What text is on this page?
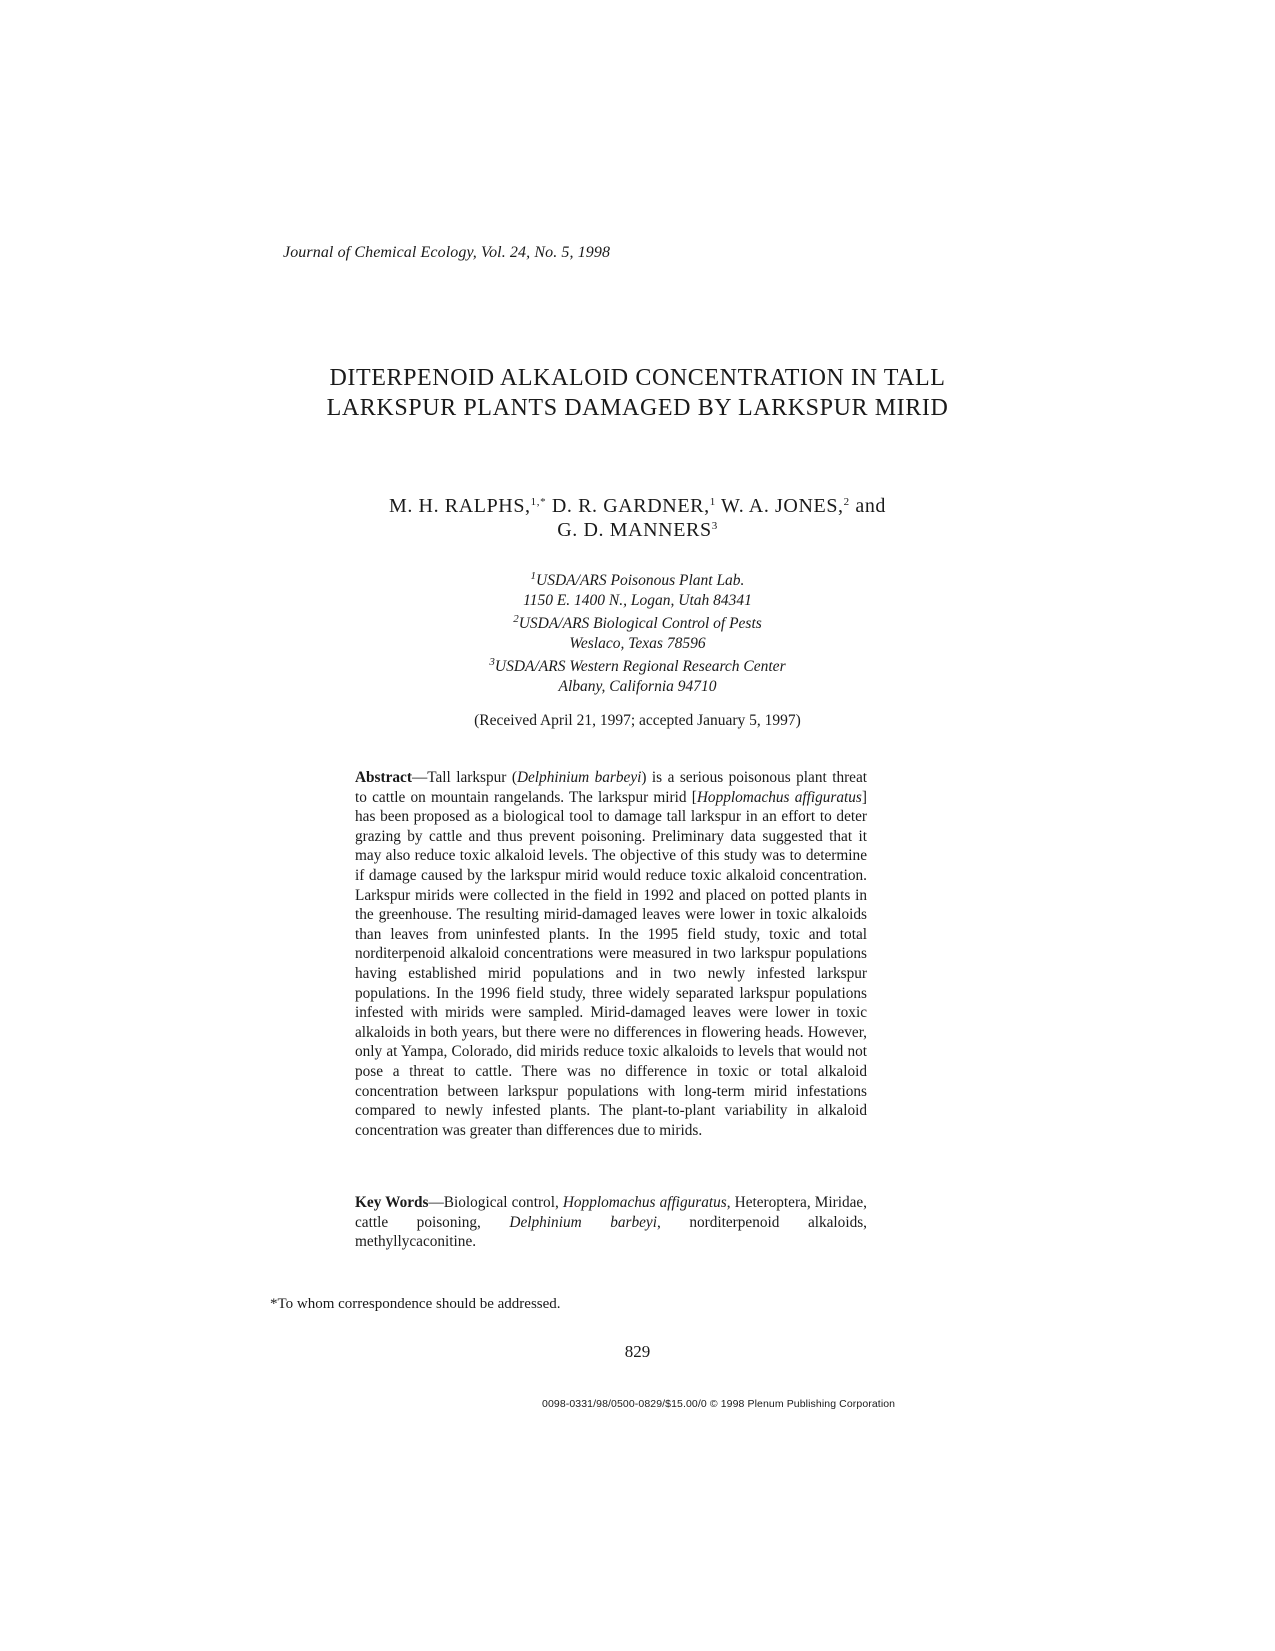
Journal of Chemical Ecology, Vol. 24, No. 5, 1998
DITERPENOID ALKALOID CONCENTRATION IN TALL
LARKSPUR PLANTS DAMAGED BY LARKSPUR MIRID
M. H. RALPHS,$^{1,*}$ D. R. GARDNER,$^1$ W. A. JONES,$^2$ and
G. D. MANNERS$^3$
$^1$USDA/ARS Poisonous Plant Lab.
1150 E. 1400 N., Logan, Utah 84341
$^2$USDA/ARS Biological Control of Pests
Weslaco, Texas 78596
$^3$USDA/ARS Western Regional Research Center
Albany, California 94710
(Received April 21, 1997; accepted January 5, 1997)
Abstract—Tall larkspur (Delphinium barbeyi) is a serious poisonous plant threat to cattle on mountain rangelands. The larkspur mirid [Hopplomachus affiguratus] has been proposed as a biological tool to damage tall larkspur in an effort to deter grazing by cattle and thus prevent poisoning. Preliminary data suggested that it may also reduce toxic alkaloid levels. The objective of this study was to determine if damage caused by the larkspur mirid would reduce toxic alkaloid concentration. Larkspur mirids were collected in the field in 1992 and placed on potted plants in the greenhouse. The resulting mirid-damaged leaves were lower in toxic alkaloids than leaves from uninfested plants. In the 1995 field study, toxic and total norditerpenoid alkaloid concentrations were measured in two larkspur populations having established mirid populations and in two newly infested larkspur populations. In the 1996 field study, three widely separated larkspur populations infested with mirids were sampled. Mirid-damaged leaves were lower in toxic alkaloids in both years, but there were no differences in flowering heads. However, only at Yampa, Colorado, did mirids reduce toxic alkaloids to levels that would not pose a threat to cattle. There was no difference in toxic or total alkaloid concentration between larkspur populations with long-term mirid infestations compared to newly infested plants. The plant-to-plant variability in alkaloid concentration was greater than differences due to mirids.
Key Words—Biological control, Hopplomachus affiguratus, Heteroptera, Miridae, cattle poisoning, Delphinium barbeyi, norditerpenoid alkaloids, methyllycaconitine.
*To whom correspondence should be addressed.
829
0098-0331/98/0500-0829/$15.00/0 © 1998 Plenum Publishing Corporation
